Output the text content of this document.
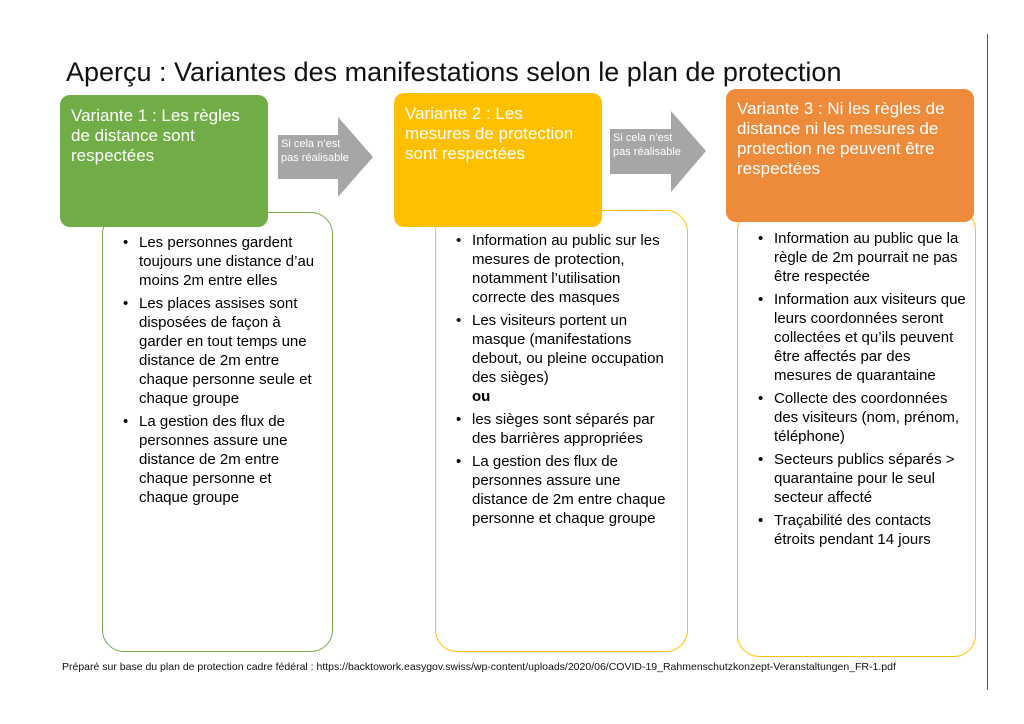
Aperçu : Variantes des manifestations selon le plan de protection
• Les personnes gardent toujours une distance d’au moins 2m entre elles
• Les places assises sont disposées de façon à garder en tout temps une distance de 2m entre chaque personne seule et chaque groupe
• La gestion des flux de personnes assure une distance de 2m entre chaque personne et chaque groupe
Variante 1 : Les règles de distance sont respectées
Si cela n’est pas réalisable
• Information au public sur les mesures de protection, notamment l’utilisation correcte des masques
• Les visiteurs portent un masque (manifestations debout, ou pleine occupation des sièges)
ou
• les sièges sont séparés par des barrières appropriées
• La gestion des flux de personnes assure une distance de 2m entre chaque personne et chaque groupe
Variante 2 : Les mesures de protection sont respectées
Si cela n’est pas réalisable
• Information au public que la règle de 2m pourrait ne pas être respectée
• Information aux visiteurs que leurs coordonnées seront collectées et qu’ils peuvent être affectés par des mesures de quarantaine
• Collecte des coordonnées des visiteurs (nom, prénom, téléphone)
• Secteurs publics séparés > quarantaine pour le seul secteur affecté
• Traçabilité des contacts étroits pendant 14 jours
Variante 3 : Ni les règles de distance ni les mesures de protection ne peuvent être respectées
Préparé sur base du plan de protection cadre fédéral : https://backtowork.easygov.swiss/wp-content/uploads/2020/06/COVID-19_Rahmenschutzkonzept-Veranstaltungen_FR-1.pdf
